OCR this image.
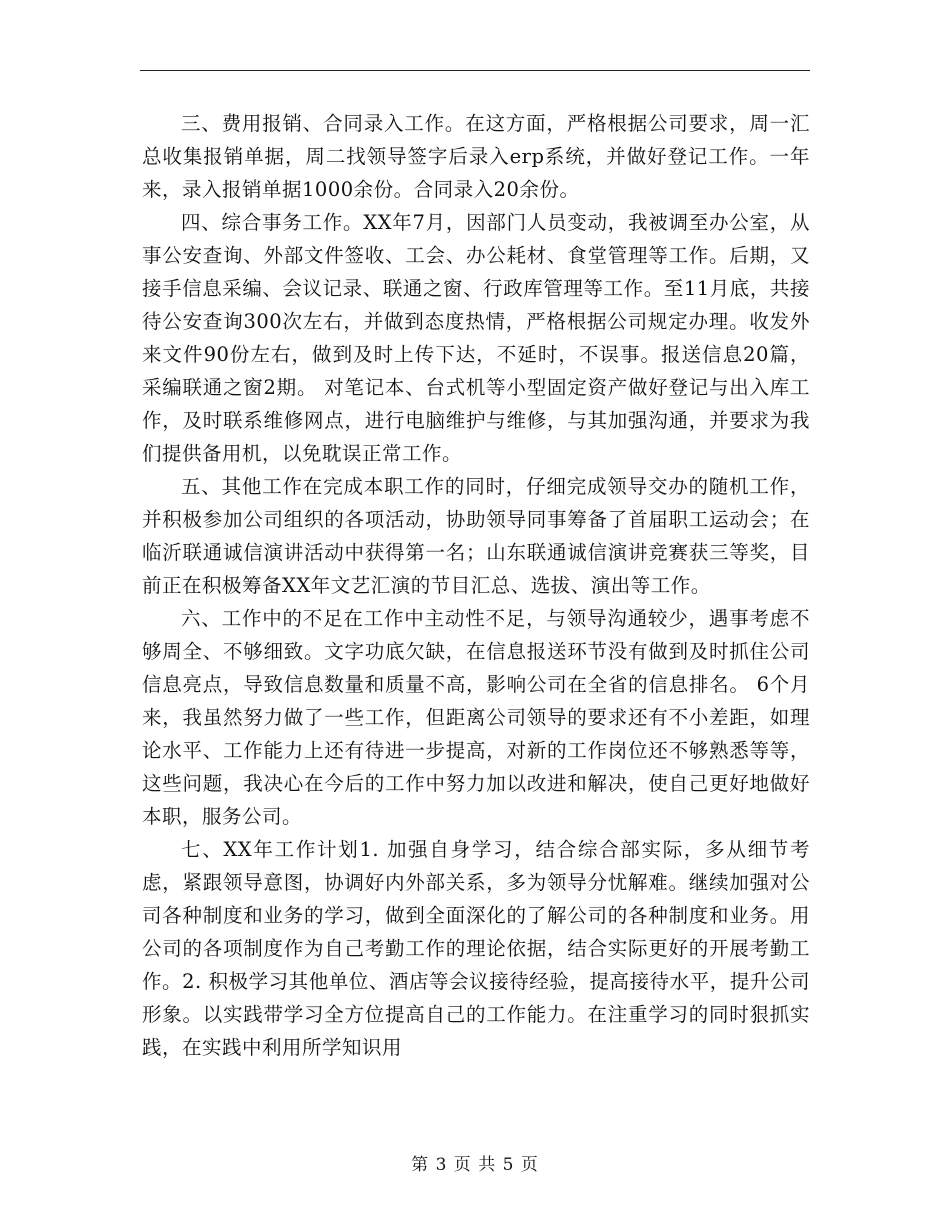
三、费用报销、合同录入工作。在这方面，严格根据公司要求，周一汇总收集报销单据，周二找领导签字后录入erp系统，并做好登记工作。一年来，录入报销单据1000余份。合同录入20余份。

四、综合事务工作。XX年7月，因部门人员变动，我被调至办公室，从事公安查询、外部文件签收、工会、办公耗材、食堂管理等工作。后期，又接手信息采编、会议记录、联通之窗、行政库管理等工作。至11月底，共接待公安查询300次左右，并做到态度热情，严格根据公司规定办理。收发外来文件90份左右，做到及时上传下达，不延时，不误事。报送信息20篇，采编联通之窗2期。 对笔记本、台式机等小型固定资产做好登记与出入库工作，及时联系维修网点，进行电脑维护与维修，与其加强沟通，并要求为我们提供备用机，以免耽误正常工作。

五、其他工作在完成本职工作的同时，仔细完成领导交办的随机工作，并积极参加公司组织的各项活动，协助领导同事筹备了首届职工运动会；在临沂联通诚信演讲活动中获得第一名；山东联通诚信演讲竞赛获三等奖，目前正在积极筹备XX年文艺汇演的节目汇总、选拔、演出等工作。

六、工作中的不足在工作中主动性不足，与领导沟通较少，遇事考虑不够周全、不够细致。文字功底欠缺，在信息报送环节没有做到及时抓住公司信息亮点，导致信息数量和质量不高，影响公司在全省的信息排名。 6个月来，我虽然努力做了一些工作，但距离公司领导的要求还有不小差距，如理论水平、工作能力上还有待进一步提高，对新的工作岗位还不够熟悉等等，这些问题，我决心在今后的工作中努力加以改进和解决，使自己更好地做好本职，服务公司。

七、XX年工作计划1. 加强自身学习，结合综合部实际，多从细节考虑，紧跟领导意图，协调好内外部关系，多为领导分忧解难。继续加强对公司各种制度和业务的学习，做到全面深化的了解公司的各种制度和业务。用公司的各项制度作为自己考勤工作的理论依据，结合实际更好的开展考勤工作。2. 积极学习其他单位、酒店等会议接待经验，提高接待水平，提升公司形象。以实践带学习全方位提高自己的工作能力。在注重学习的同时狠抓实践，在实践中利用所学知识用

第 3 页 共 5 页
